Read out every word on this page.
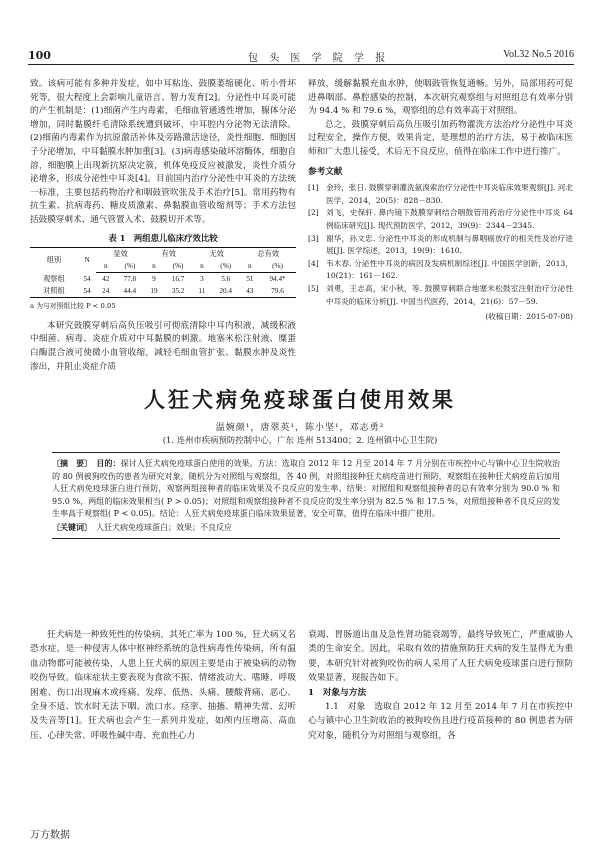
100	包 头 医 学 院 学 报	Vol.32 No.5 2016

致。该病可能有多种并发症，如中耳粘连、鼓膜萎缩硬化、听小骨坏死等，很大程度上会影响儿童语言、智力发育[2]。分泌性中耳炎可能的产生机制是：(1)细菌产生内毒素，毛细血管通透性增加，腺体分泌增加，同时黏膜纤毛清除系统遭到破坏，中耳腔内分泌物无法清除。(2)细菌内毒素作为抗原激活补体及旁路激活途径，炎性细胞、细胞因子分泌增加，中耳黏膜水肿加重[3]。(3)病毒感染破坏溶酶体，细胞自溶，细胞膜上出现新抗原决定簇，机体免疫反应被激发，炎性介质分泌增多，形成分泌性中耳炎[4]。目前国内治疗分泌性中耳炎的方法统一标准，主要包括药物治疗和咽鼓管吹张及手术治疗[5]。常用药物有抗生素、抗病毒药、糖皮质激素、鼻黏膜血管收缩剂等；手术方法包括鼓膜穿刺术、通气管置入术、鼓膜切开术等。

表 1　两组患儿临床疗效比较
组别	N	显效		有效		无效		总有效	
		n	(%)	n	(%)	n	(%)	n	(%)
观察组	54	42	77.8	9	16.7	3	5.6	51	94.4*
对照组	54	24	44.4	19	35.2	11	20.4	43	79.6
a 为与对照组比较 P < 0.05

本研究鼓膜穿刺后高负压吸引可彻底清除中耳内积液，减缓积液中细菌、病毒、炎症介质对中耳黏膜的刺激。地塞米松注射液、糜蛋白酶混合液可使微小血管收缩，减轻毛细血管扩张、黏膜水肿及炎性渗出，并阻止炎症介质

释放，缓解黏膜充血水肿，使咽鼓管恢复通畅。另外，局部用药可促进鼻咽部、鼻腔感染的控制，本次研究观察组与对照组总有效率分别为 94.4 % 和 79.6 %，观察组的总有效率高于对照组。

总之，鼓膜穿刺后高负压吸引加药物灌洗方法治疗分泌性中耳炎过程安全，操作方便，效果肯定，是理想的治疗方法，易于被临床医师和广大患儿接受，术后无不良反应，值得在临床工作中进行推广。

参考文献
[1] 金玲，张日. 鼓膜穿刺灌洗氨溴索治疗分泌性中耳炎临床效果观察[J]. 河北医学，2014，20(5)：828－830.
[2] 刘飞，史保轩. 鼻内镜下鼓膜穿刺结合咽鼓管用药治疗分泌性中耳炎 64 例临床研究[J]. 现代预防医学，2012，39(9)：2344－2345.
[3] 谢华，孙文忠. 分泌性中耳炎的形成机制与鼻咽癌放疗的相关性及治疗进展[J]. 医学综述，2013，19(9)：1610.
[4] 韦木春. 分泌性中耳炎的病因及发病机制综述[J]. 中国医学创新，2013，10(21)：161－162.
[5] 刘勇，王志高，宋小秋，等. 鼓膜穿刺联合地塞米松鼓室注射治疗分泌性中耳炎的临床分析[J]. 中国当代医药，2014，21(6)：57－59.
(收稿日期：2015-07-08)
人狂犬病免疫球蛋白使用效果
温婉颜¹，唐翠英¹，陈小坚¹，邓志勇²
(1. 连州市疾病预防控制中心，广东 连州 513400；2. 连州镇中心卫生院)

〔摘　要〕　 目的：探讨人狂犬病免疫球蛋白使用的效果。方法：选取自 2012 年 12 月至 2014 年 7 月分别在市疾控中心与镇中心卫生院收治的 80 例被狗咬伤的患者为研究对象，随机分为对照组与观察组，各 40 例，对照组接种狂犬病疫苗进行预防，观察组在接种狂犬病疫苗后加用人狂犬病免疫球蛋白进行预防，观察两组接种者的临床效果及不良反应的发生率。结果：对照组和观察组接种者的总有效率分别为 90.0 % 和 95.0 %，两组的临床效果相当( P > 0.05)；对照组和观察组接种者不良反应的发生率分别为 82.5 % 和 17.5 %，对照组接种者不良反应的发生率高于观察组( P < 0.05)。结论：人狂犬病免疫球蛋白临床效果显著，安全可靠，值得在临床中推广使用。

〔关键词〕　 人狂犬病免疫球蛋白；效果；不良反应

狂犬病是一种致死性的传染病，其死亡率为 100 %，狂犬病又名恐水症，是一种侵害人体中枢神经系统的急性病毒性传染病，所有温血动物都可能被传染，人患上狂犬病的原因主要是由于被染病的动物咬伤导致。临床症状主要表现为食欲不振、情绪波动大、嗜睡、呼吸困难、伤口出现麻木或疼痛、发痒、低热、头痛、腰酸背痛、恶心、全身不适、饮水时无法下咽、流口水、痉挛、抽搐、精神失常、幻听及失音等[1]。狂犬病也会产生一系列并发症，如颅内压增高、高血压、心律失常、呼吸性碱中毒、充血性心力

衰竭、胃肠道出血及急性肾功能衰竭等，最终导致死亡，严重威胁人类的生命安全。因此，采取有效的措施预防狂犬病的发生显得尤为重要，本研究针对被狗咬伤的病人采用了人狂犬病免疫球蛋白进行预防效果显著，现报告如下。

1　对象与方法

1.1　对象　选取自 2012 年 12 月至 2014 年 7 月在市疾控中心与镇中心卫生院收治的被狗咬伤且进行疫苗接种的 80 例患者为研究对象，随机分为对照组与观察组，各

万方数据
